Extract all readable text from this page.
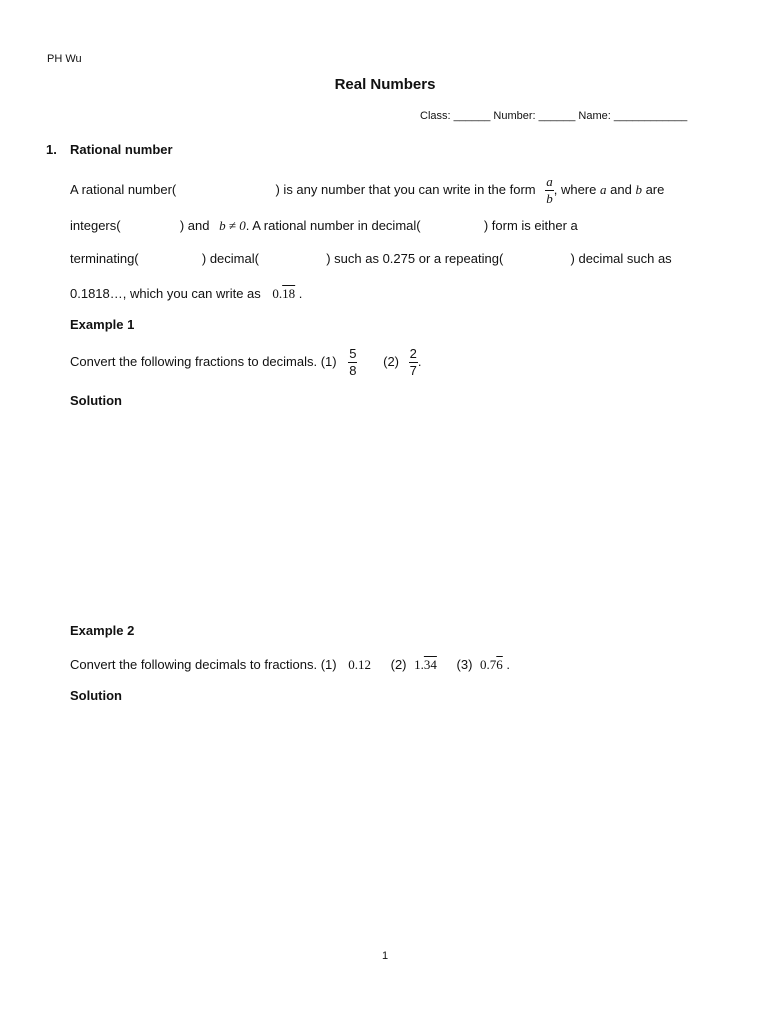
PH Wu
Real Numbers
Class: ______ Number: ______ Name: ____________
1. Rational number
A rational number(	) is any number that you can write in the form $\frac{a}{b}$ , where a and b are
integers(	) and b ≠ 0. A rational number in decimal(	) form is either a
terminating(	) decimal(	) such as 0.275 or a repeating(	) decimal such as
0.1818…, which you can write as 0.18 .
Example 1
Convert the following fractions to decimals. $(1) \frac{5}{8} (2) \frac{2}{7}$ .
Solution
Example 2
Convert the following decimals to fractions. (1) 0.12 (2) 1.34 (3) 0.76 .
Solution
1
